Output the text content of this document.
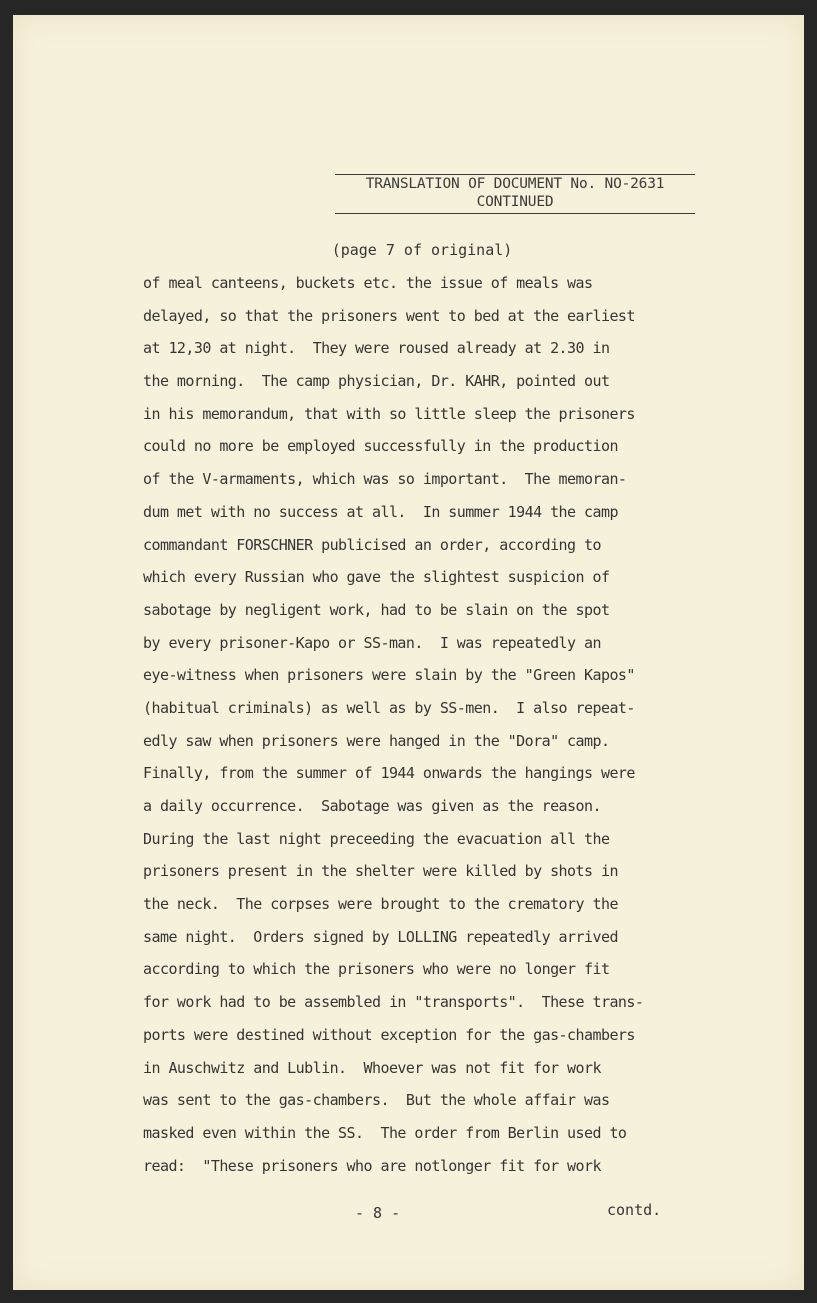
TRANSLATION OF DOCUMENT No. NO-2631
CONTINUED
(page 7 of original)
of meal canteens, buckets etc. the issue of meals was
delayed, so that the prisoners went to bed at the earliest
at 12,30 at night.  They were roused already at 2.30 in
the morning.  The camp physician, Dr. KAHR, pointed out
in his memorandum, that with so little sleep the prisoners
could no more be employed successfully in the production
of the V-armaments, which was so important.  The memoran-
dum met with no success at all.  In summer 1944 the camp
commandant FORSCHNER publicised an order, according to
which every Russian who gave the slightest suspicion of
sabotage by negligent work, had to be slain on the spot
by every prisoner-Kapo or SS-man.  I was repeatedly an
eye-witness when prisoners were slain by the "Green Kapos"
(habitual criminals) as well as by SS-men.  I also repeat-
edly saw when prisoners were hanged in the "Dora" camp.
Finally, from the summer of 1944 onwards the hangings were
a daily occurrence.  Sabotage was given as the reason.
During the last night preceeding the evacuation all the
prisoners present in the shelter were killed by shots in
the neck.  The corpses were brought to the crematory the
same night.  Orders signed by LOLLING repeatedly arrived
according to which the prisoners who were no longer fit
for work had to be assembled in "transports".  These trans-
ports were destined without exception for the gas-chambers
in Auschwitz and Lublin.  Whoever was not fit for work
was sent to the gas-chambers.  But the whole affair was
masked even within the SS.  The order from Berlin used to
read:  "These prisoners who are notlonger fit for work
- 8 -	contd.
